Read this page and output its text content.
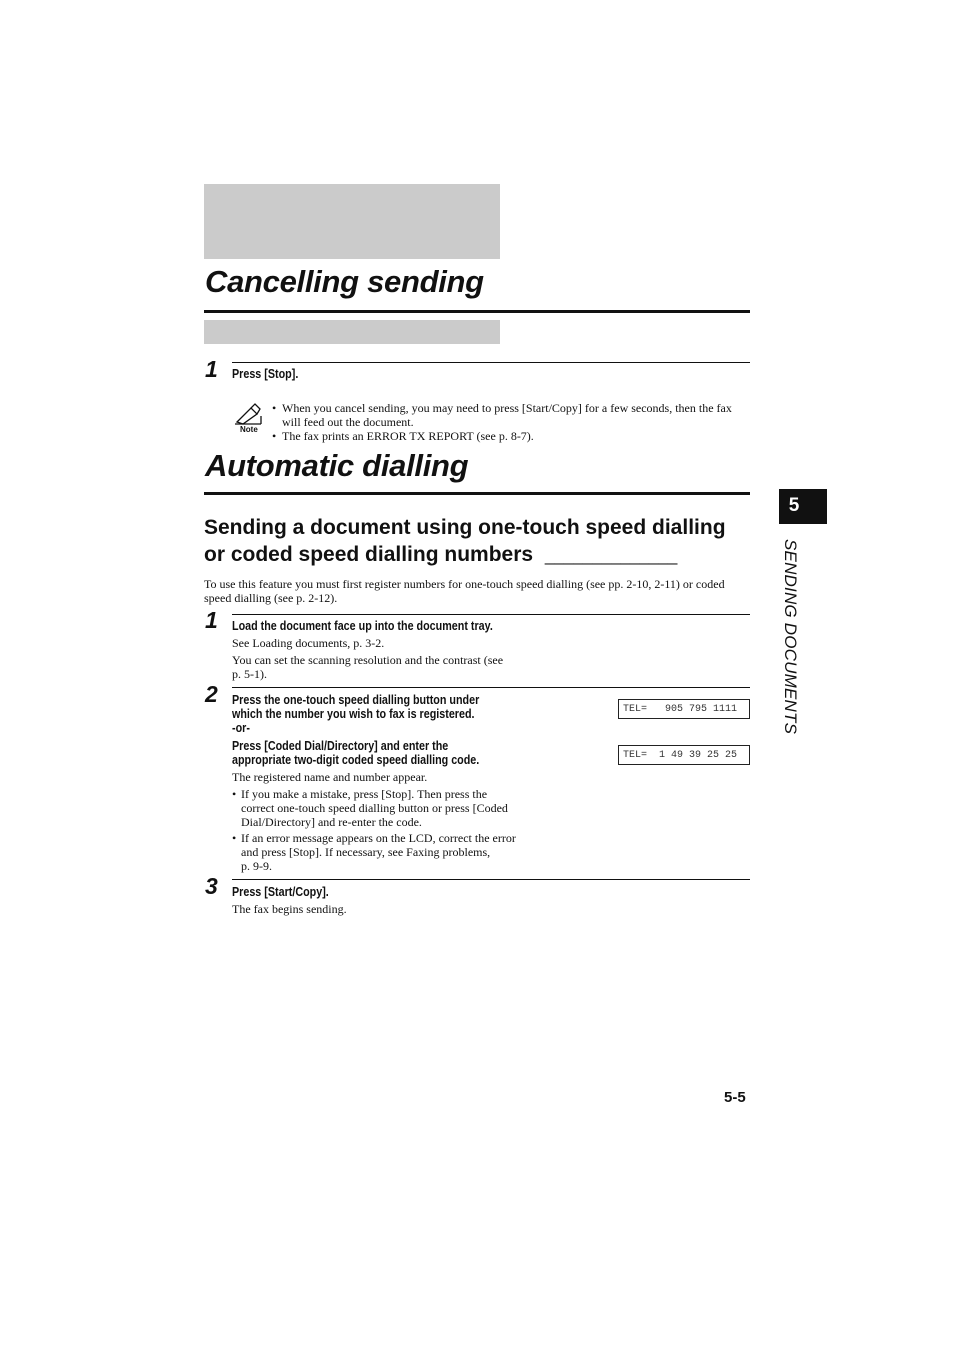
Cancelling sending
1 Press [Stop].
Note
• When you cancel sending, you may need to press [Start/Copy] for a few seconds, then the fax will feed out the document.
• The fax prints an ERROR TX REPORT (see p. 8-7).
Automatic dialling
Sending a document using one-touch speed dialling
or coded speed dialling numbers ______________
To use this feature you must first register numbers for one-touch speed dialling (see pp. 2-10, 2-11) or coded speed dialling (see p. 2-12).
1 Load the document face up into the document tray.
See Loading documents, p. 3-2.
You can set the scanning resolution and the contrast (see
p. 5-1).
2 Press the one-touch speed dialling button under
which the number you wish to fax is registered.
-or-
Press [Coded Dial/Directory] and enter the
appropriate two-digit coded speed dialling code.
The registered name and number appear.
• If you make a mistake, press [Stop]. Then press the
correct one-touch speed dialling button or press [Coded
Dial/Directory] and re-enter the code.
• If an error message appears on the LCD, correct the error
and press [Stop]. If necessary, see Faxing problems,
p. 9-9.
TEL=   905 795 1111
TEL=  1 49 39 25 25
3 Press [Start/Copy].
The fax begins sending.
5
SENDING DOCUMENTS
5-5
